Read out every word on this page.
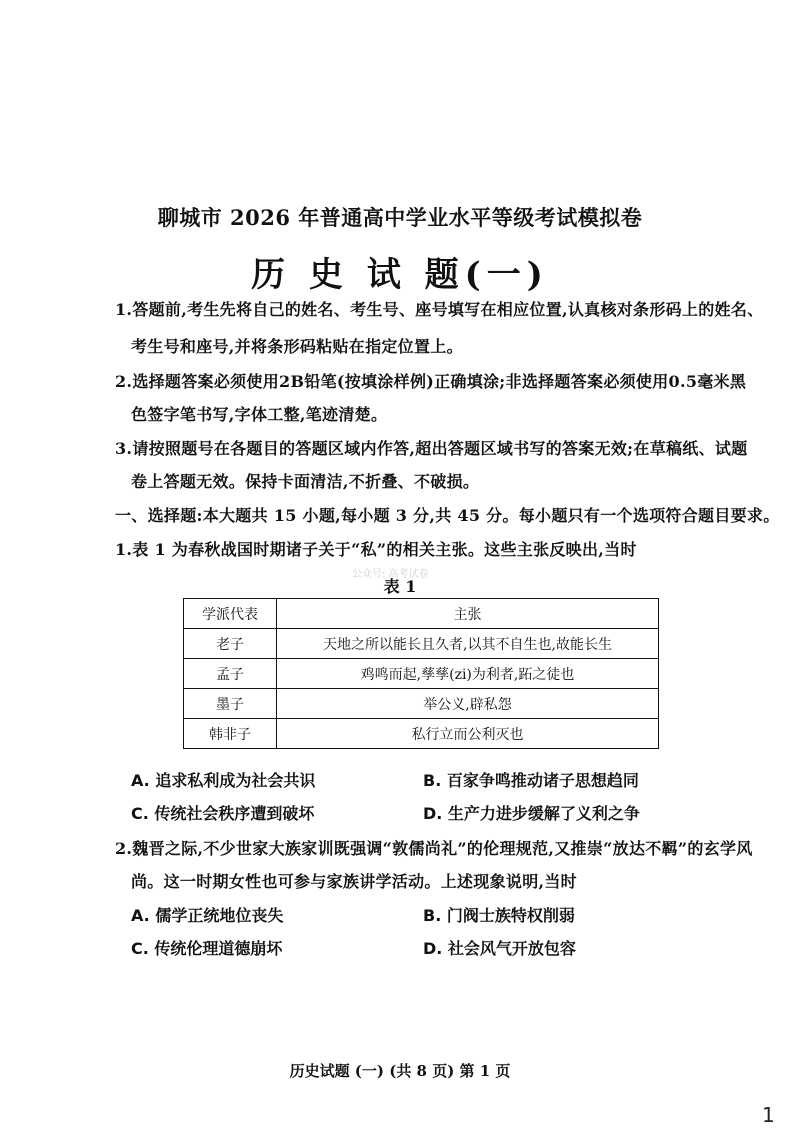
聊城市 2026 年普通高中学业水平等级考试模拟卷
历 史 试 题(一)
1.答题前,考生先将自己的姓名、考生号、座号填写在相应位置,认真核对条形码上的姓名、
考生号和座号,并将条形码粘贴在指定位置上。
2.选择题答案必须使用2B铅笔(按填涂样例)正确填涂;非选择题答案必须使用0.5毫米黑
色签字笔书写,字体工整,笔迹清楚。
3.请按照题号在各题目的答题区域内作答,超出答题区域书写的答案无效;在草稿纸、试题
卷上答题无效。保持卡面清洁,不折叠、不破损。
一、选择题:本大题共 15 小题,每小题 3 分,共 45 分。每小题只有一个选项符合题目要求。
1.表 1 为春秋战国时期诸子关于“私”的相关主张。这些主张反映出,当时
公众号: 高考试卷
表 1
学派代表	主张
老子	天地之所以能长且久者,以其不自生也,故能长生
孟子	鸡鸣而起,孳孳(zi)为利者,跖之徒也
墨子	举公义,辟私怨
韩非子	私行立而公利灭也
A. 追求私利成为社会共识	B. 百家争鸣推动诸子思想趋同
C. 传统社会秩序遭到破坏	D. 生产力进步缓解了义利之争
2.魏晋之际,不少世家大族家训既强调“敦儒尚礼”的伦理规范,又推崇“放达不羁”的玄学风
尚。这一时期女性也可参与家族讲学活动。上述现象说明,当时
A. 儒学正统地位丧失	B. 门阀士族特权削弱
C. 传统伦理道德崩坏	D. 社会风气开放包容
历史试题 (一) (共 8 页) 第 1 页
1
